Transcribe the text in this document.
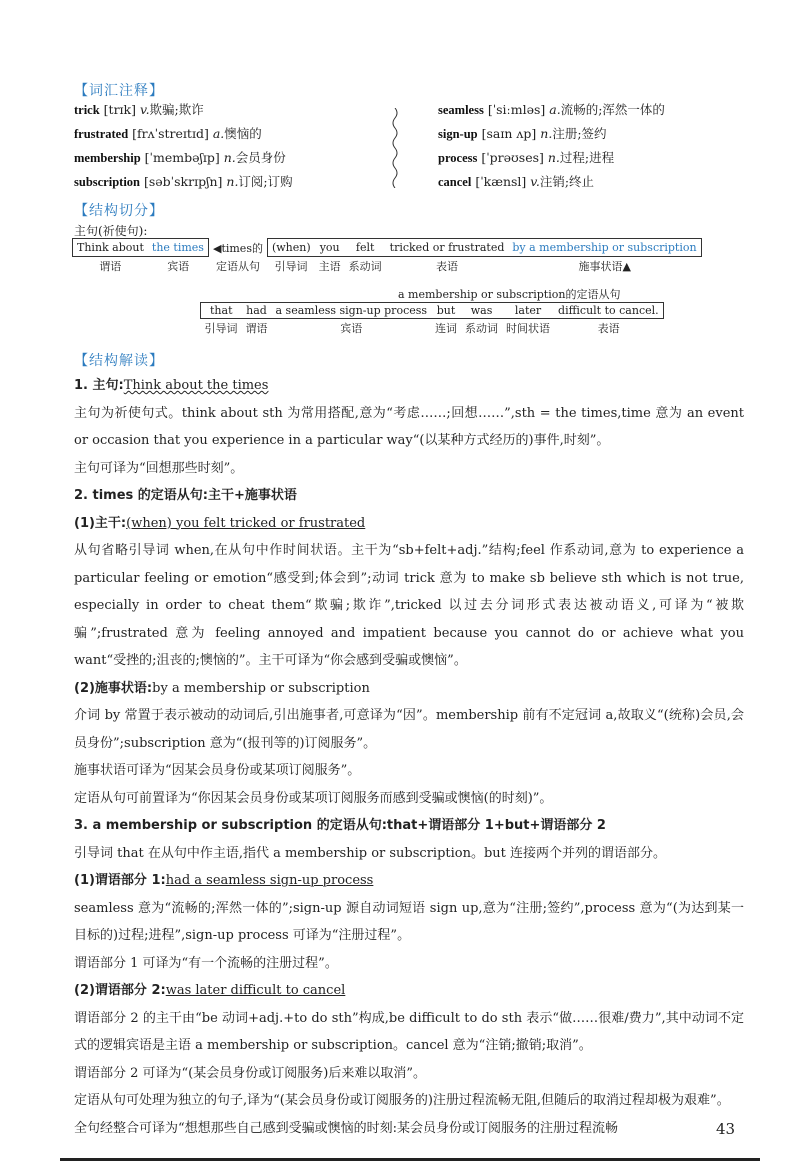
【词汇注释】
trick [trɪk] v.欺骗;欺诈
frustrated [frʌˈstreɪtɪd] a.懊恼的
membership [ˈmembəʃɪp] n.会员身份
subscription [səbˈskrɪpʃn] n.订阅;订购
seamless [ˈsiːmləs] a.流畅的;浑然一体的
sign-up [saɪn ʌp] n.注册;签约
process [ˈprəʊses] n.过程;进程
cancel [ˈkænsl] v.注销;终止
【结构切分】
主句(祈使句):
Think about	the times	◀times的	(when)	you	felt	tricked or frustrated	by a membership or subscription
谓语	宾语	定语从句	引导词	主语	系动词	表语	施事状语▲
a membership or subscription的定语从句
that	had	a seamless sign-up process	but	was	later	difficult to cancel.
引导词	谓语	宾语	连词	系动词	时间状语	表语
【结构解读】

1. 主句:Think about the times

主句为祈使句式。think about sth 为常用搭配,意为“考虑……;回想……”,sth = the times,time 意为 an event or occasion that you experience in a particular way“(以某种方式经历的)事件,时刻”。

主句可译为“回想那些时刻”。

2. times 的定语从句:主干+施事状语

(1)主干:(when) you felt tricked or frustrated

从句省略引导词 when,在从句中作时间状语。主干为“sb+felt+adj.”结构;feel 作系动词,意为 to experience a particular feeling or emotion“感受到;体会到”;动词 trick 意为 to make sb believe sth which is not true, especially in order to cheat them“欺骗;欺诈”,tricked 以过去分词形式表达被动语义,可译为“被欺骗”;frustrated 意为 feeling annoyed and impatient because you cannot do or achieve what you want“受挫的;沮丧的;懊恼的”。主干可译为“你会感到受骗或懊恼”。

(2)施事状语:by a membership or subscription

介词 by 常置于表示被动的动词后,引出施事者,可意译为“因”。membership 前有不定冠词 a,故取义“(统称)会员,会员身份”;subscription 意为“(报刊等的)订阅服务”。

施事状语可译为“因某会员身份或某项订阅服务”。

定语从句可前置译为“你因某会员身份或某项订阅服务而感到受骗或懊恼(的时刻)”。

3. a membership or subscription 的定语从句:that+谓语部分 1+but+谓语部分 2

引导词 that 在从句中作主语,指代 a membership or subscription。but 连接两个并列的谓语部分。

(1)谓语部分 1:had a seamless sign-up process

seamless 意为“流畅的;浑然一体的”;sign-up 源自动词短语 sign up,意为“注册;签约”,process 意为“(为达到某一目标的)过程;进程”,sign-up process 可译为“注册过程”。

谓语部分 1 可译为“有一个流畅的注册过程”。

(2)谓语部分 2:was later difficult to cancel

谓语部分 2 的主干由“be 动词+adj.+to do sth”构成,be difficult to do sth 表示“做……很难/费力”,其中动词不定式的逻辑宾语是主语 a membership or subscription。cancel 意为“注销;撤销;取消”。

谓语部分 2 可译为“(某会员身份或订阅服务)后来难以取消”。

定语从句可处理为独立的句子,译为“(某会员身份或订阅服务的)注册过程流畅无阻,但随后的取消过程却极为艰难”。

全句经整合可译为“想想那些自己感到受骗或懊恼的时刻:某会员身份或订阅服务的注册过程流畅	43
